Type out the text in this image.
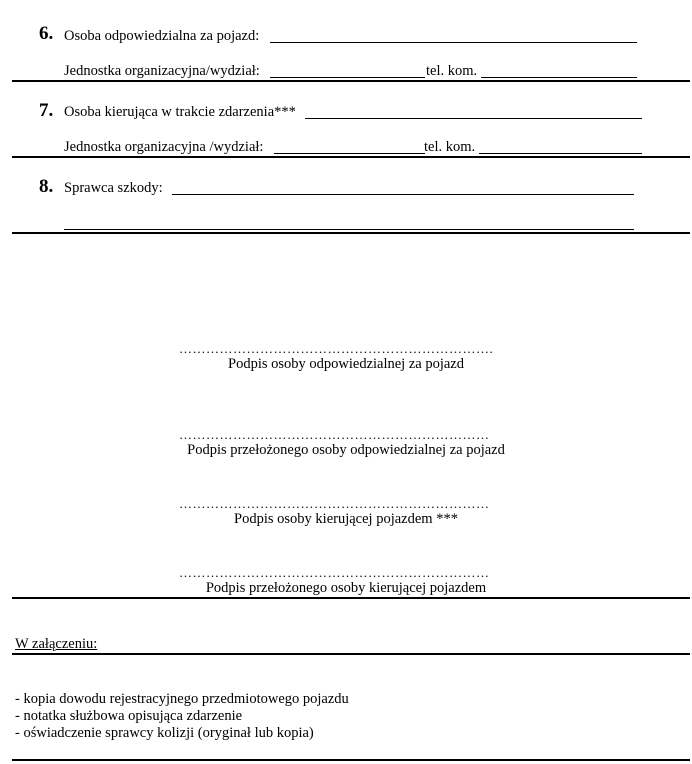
6. Osoba odpowiedzialna za pojazd:
Jednostka organizacyjna/wydział:	tel. kom.
7. Osoba kierująca w trakcie zdarzenia***
Jednostka organizacyjna /wydział:	tel. kom.
8. Sprawca szkody:
…………………………………………………………….
Podpis osoby odpowiedzialnej za pojazd
……………………………………………………………
Podpis przełożonego osoby odpowiedzialnej za pojazd
……………………………………………………………
Podpis osoby kierującej pojazdem ***
……………………………………………………………
Podpis przełożonego osoby kierującej pojazdem
W załączeniu:
- kopia dowodu rejestracyjnego przedmiotowego pojazdu
- notatka służbowa opisująca zdarzenie
- oświadczenie sprawcy kolizji (oryginał lub kopia)
